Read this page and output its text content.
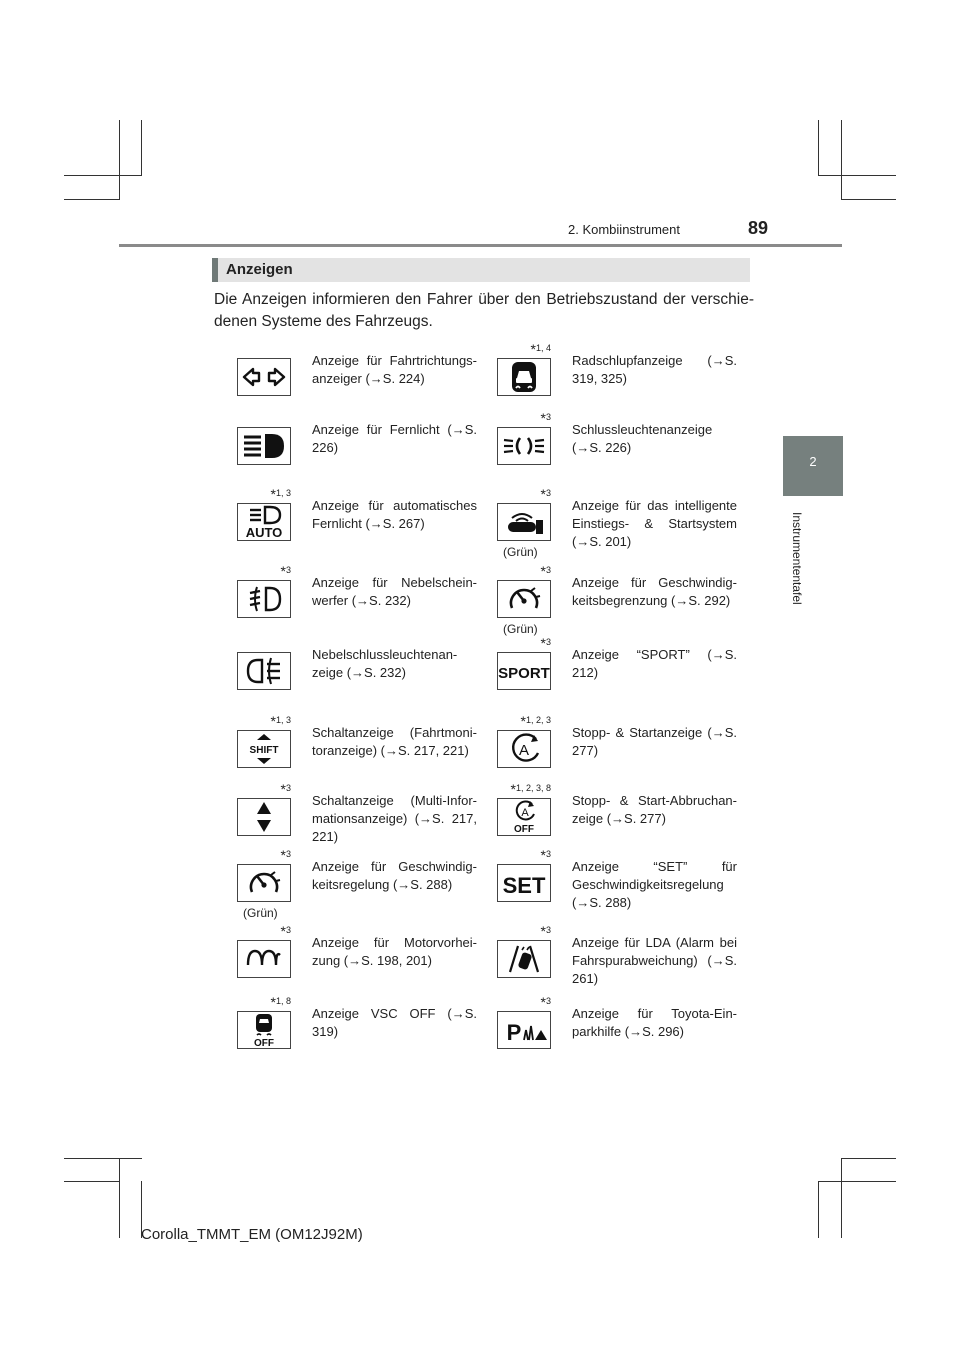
2. Kombiinstrument	89
2
Instrumententafel
Anzeigen
Die Anzeigen informieren den Fahrer über den Betriebszustand der verschie-denen Systeme des Fahrzeugs.
Anzeige für Fahrtrichtungs-anzeiger (→S. 224)
*1, 4
Radschlupfanzeige (→S. 319, 325)
Anzeige für Fernlicht (→S. 226)
*3
Schlussleuchtenanzeige (→S. 226)
*1, 3
AUTO
Anzeige für automatisches Fernlicht (→S. 267)
*3
(Grün)
Anzeige für das intelligente Einstiegs- & Startsystem (→S. 201)
*3
Anzeige für Nebelschein-werfer (→S. 232)
*3
(Grün)
Anzeige für Geschwindig-keitsbegrenzung (→S. 292)
Nebelschlussleuchtenan-zeige (→S. 232)
*3
SPORT
Anzeige “SPORT” (→S. 212)
*1, 3
SHIFT
Schaltanzeige (Fahrtmoni-toranzeige) (→S. 217, 221)
*1, 2, 3
A
Stopp- & Startanzeige (→S. 277)
*3
Schaltanzeige (Multi-Infor-mationsanzeige) (→S. 217, 221)
*1, 2, 3, 8
A
OFF
Stopp- & Start-Abbruchan-zeige (→S. 277)
*3
(Grün)
Anzeige für Geschwindig-keitsregelung (→S. 288)
*3
SET
Anzeige “SET” für Geschwindigkeitsregelung (→S. 288)
*3
Anzeige für Motorvorhei-zung (→S. 198, 201)
*3
Anzeige für LDA (Alarm bei Fahrspurabweichung) (→S. 261)
*1, 8
OFF
Anzeige VSC OFF (→S. 319)
*3
P
Anzeige für Toyota-Ein-parkhilfe (→S. 296)
Corolla_TMMT_EM (OM12J92M)
